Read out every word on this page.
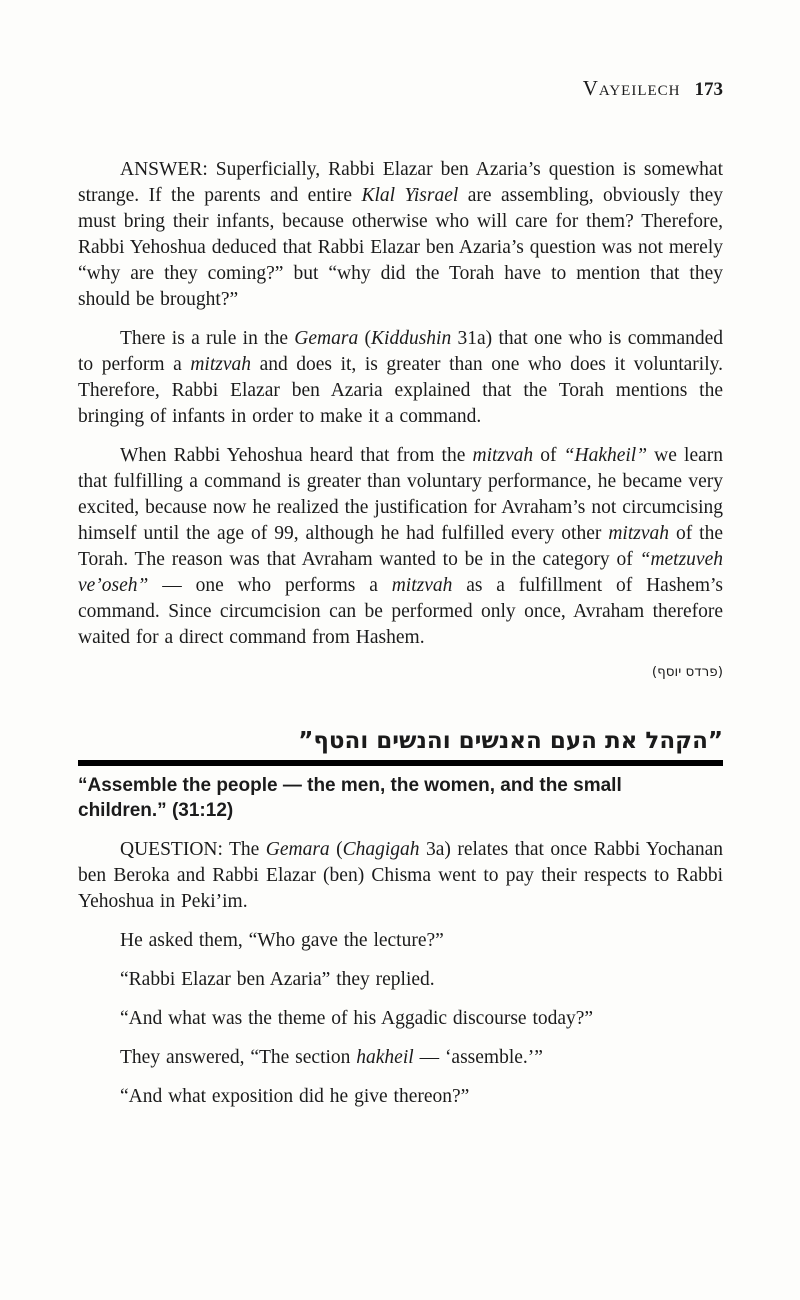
Vayeilech 173

ANSWER: Superficially, Rabbi Elazar ben Azaria’s question is somewhat strange. If the parents and entire Klal Yisrael are assembling, obviously they must bring their infants, because otherwise who will care for them? Therefore, Rabbi Yehoshua deduced that Rabbi Elazar ben Azaria’s question was not merely “why are they coming?” but “why did the Torah have to mention that they should be brought?”

There is a rule in the Gemara (Kiddushin 31a) that one who is commanded to perform a mitzvah and does it, is greater than one who does it voluntarily. Therefore, Rabbi Elazar ben Azaria explained that the Torah mentions the bringing of infants in order to make it a command.

When Rabbi Yehoshua heard that from the mitzvah of “Hakheil” we learn that fulfilling a command is greater than voluntary performance, he became very excited, because now he realized the justification for Avraham’s not circumcising himself until the age of 99, although he had fulfilled every other mitzvah of the Torah. The reason was that Avraham wanted to be in the category of “metzuveh ve’oseh” — one who performs a mitzvah as a fulfillment of Hashem’s command. Since circumcision can be performed only once, Avraham therefore waited for a direct command from Hashem.

(פרדס יוסף)
”הקהל את העם האנשים והנשים והטף”
“Assemble the people — the men, the women, and the small children.” (31:12)

QUESTION: The Gemara (Chagigah 3a) relates that once Rabbi Yochanan ben Beroka and Rabbi Elazar (ben) Chisma went to pay their respects to Rabbi Yehoshua in Peki’im.

He asked them, “Who gave the lecture?”

“Rabbi Elazar ben Azaria” they replied.

“And what was the theme of his Aggadic discourse today?”

They answered, “The section hakheil — ‘assemble.’”

“And what exposition did he give thereon?”
